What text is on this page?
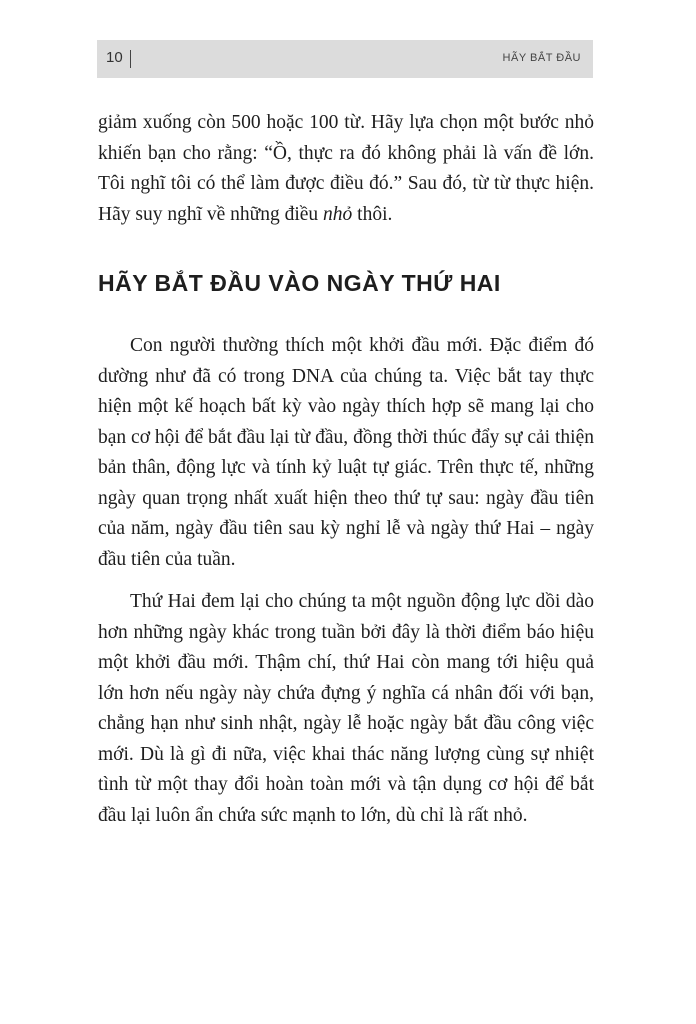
10	HÃY BẮT ĐẦU

giảm xuống còn 500 hoặc 100 từ. Hãy lựa chọn một bước nhỏ khiến bạn cho rằng: “Ồ, thực ra đó không phải là vấn đề lớn. Tôi nghĩ tôi có thể làm được điều đó.” Sau đó, từ từ thực hiện. Hãy suy nghĩ về những điều nhỏ thôi.

HÃY BẮT ĐẦU VÀO NGÀY THỨ HAI

Con người thường thích một khởi đầu mới. Đặc điểm đó dường như đã có trong DNA của chúng ta. Việc bắt tay thực hiện một kế hoạch bất kỳ vào ngày thích hợp sẽ mang lại cho bạn cơ hội để bắt đầu lại từ đầu, đồng thời thúc đẩy sự cải thiện bản thân, động lực và tính kỷ luật tự giác. Trên thực tế, những ngày quan trọng nhất xuất hiện theo thứ tự sau: ngày đầu tiên của năm, ngày đầu tiên sau kỳ nghỉ lễ và ngày thứ Hai – ngày đầu tiên của tuần.

Thứ Hai đem lại cho chúng ta một nguồn động lực dồi dào hơn những ngày khác trong tuần bởi đây là thời điểm báo hiệu một khởi đầu mới. Thậm chí, thứ Hai còn mang tới hiệu quả lớn hơn nếu ngày này chứa đựng ý nghĩa cá nhân đối với bạn, chẳng hạn như sinh nhật, ngày lễ hoặc ngày bắt đầu công việc mới. Dù là gì đi nữa, việc khai thác năng lượng cùng sự nhiệt tình từ một thay đổi hoàn toàn mới và tận dụng cơ hội để bắt đầu lại luôn ẩn chứa sức mạnh to lớn, dù chỉ là rất nhỏ.
